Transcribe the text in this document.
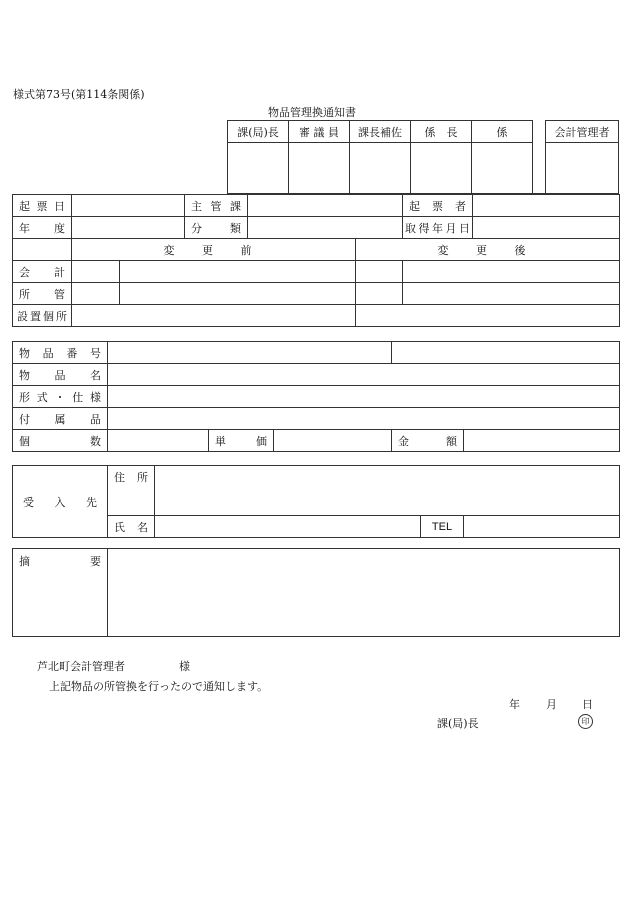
様式第73号(第114条関係)
物品管理換通知書
課(局)長	審 議 員	課長補佐	係　長	係
					会計管理者

起 票 日			主 管 課			起 票 者	
年 度			分 類			取得年月日	
	変 更 前				変 更 後		
会 計							
所 管							
設置個所							
物 品 番 号					
物 品 名					
形式・仕様					
付 属 品					
個 数		単 価		金 額	
受 入 先	住 所			
	氏 名		TEL	
摘 要	
芦北町会計管理者	様
上記物品の所管換を行ったので通知します。
年 月 日
課(局)長	印
